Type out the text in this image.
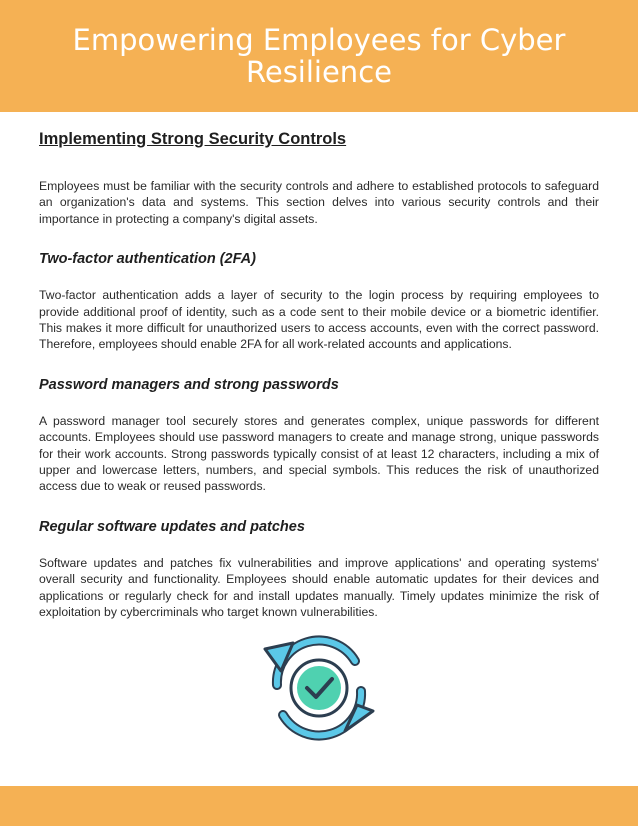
Empowering Employees for Cyber Resilience
Implementing Strong Security Controls

Employees must be familiar with the security controls and adhere to established protocols to safeguard an organization's data and systems. This section delves into various security controls and their importance in protecting a company's digital assets.

Two-factor authentication (2FA)

Two-factor authentication adds a layer of security to the login process by requiring employees to provide additional proof of identity, such as a code sent to their mobile device or a biometric identifier. This makes it more difficult for unauthorized users to access accounts, even with the correct password. Therefore, employees should enable 2FA for all work-related accounts and applications.

Password managers and strong passwords

A password manager tool securely stores and generates complex, unique passwords for different accounts. Employees should use password managers to create and manage strong, unique passwords for their work accounts. Strong passwords typically consist of at least 12 characters, including a mix of upper and lowercase letters, numbers, and special symbols. This reduces the risk of unauthorized access due to weak or reused passwords.

Regular software updates and patches

Software updates and patches fix vulnerabilities and improve applications' and operating systems' overall security and functionality. Employees should enable automatic updates for their devices and applications or regularly check for and install updates manually. Timely updates minimize the risk of exploitation by cybercriminals who target known vulnerabilities.
